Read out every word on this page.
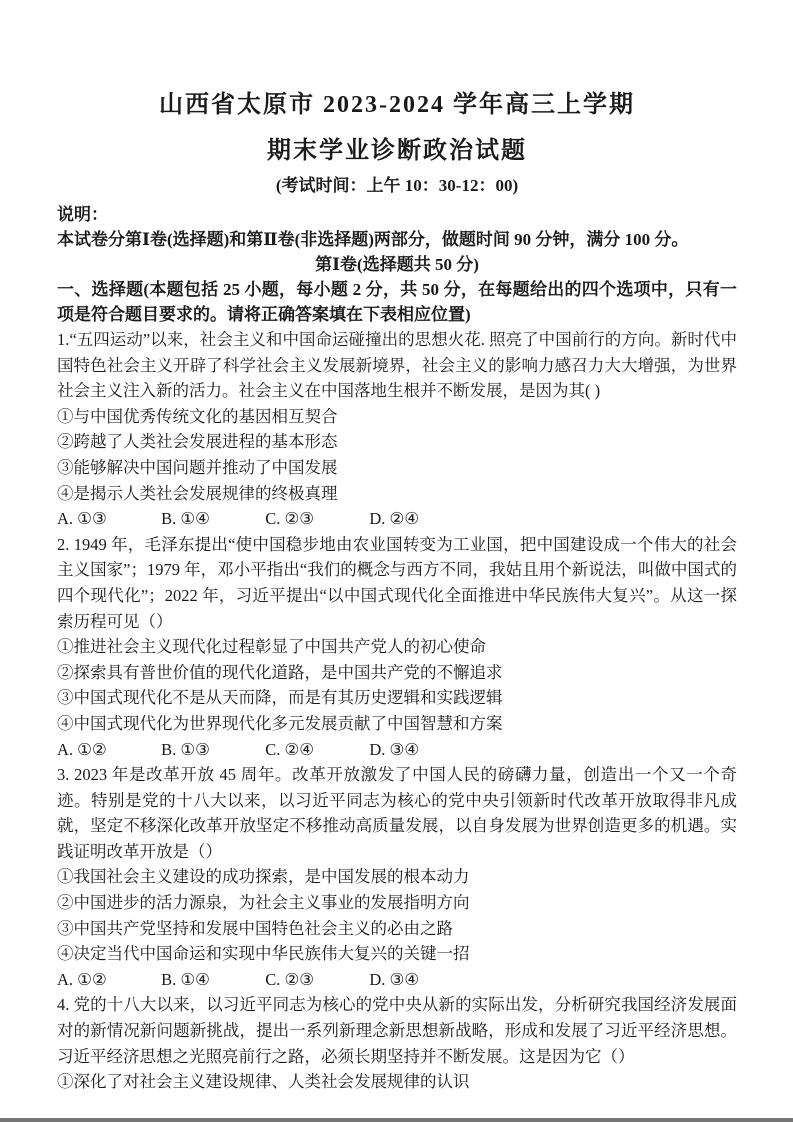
山西省太原市 2023-2024 学年高三上学期
期末学业诊断政治试题

(考试时间：上午 10：30-12：00)

说明：

本试卷分第Ⅰ卷(选择题)和第Ⅱ卷(非选择题)两部分，做题时间 90 分钟，满分 100 分。

第Ⅰ卷(选择题共 50 分)

一、选择题(本题包括 25 小题，每小题 2 分，共 50 分，在每题给出的四个选项中，只有一项是符合题目要求的。请将正确答案填在下表相应位置)

1.“五四运动”以来，社会主义和中国命运碰撞出的思想火花. 照亮了中国前行的方向。新时代中国特色社会主义开辟了科学社会主义发展新境界，社会主义的影响力感召力大大增强，为世界社会主义注入新的活力。社会主义在中国落地生根并不断发展，是因为其( )

①与中国优秀传统文化的基因相互契合

②跨越了人类社会发展进程的基本形态

③能够解决中国问题并推动了中国发展

④是揭示人类社会发展规律的终极真理

A. ①③	B. ①④	C. ②③	D. ②④

2. 1949 年，毛泽东提出“使中国稳步地由农业国转变为工业国，把中国建设成一个伟大的社会主义国家”；1979 年，邓小平指出“我们的概念与西方不同，我姑且用个新说法，叫做中国式的四个现代化”；2022 年，习近平提出“以中国式现代化全面推进中华民族伟大复兴”。从这一探索历程可见（）

①推进社会主义现代化过程彰显了中国共产党人的初心使命

②探索具有普世价值的现代化道路，是中国共产党的不懈追求

③中国式现代化不是从天而降，而是有其历史逻辑和实践逻辑

④中国式现代化为世界现代化多元发展贡献了中国智慧和方案

A. ①②	B. ①③	C. ②④	D. ③④

3. 2023 年是改革开放 45 周年。改革开放激发了中国人民的磅礴力量，创造出一个又一个奇迹。特别是党的十八大以来，以习近平同志为核心的党中央引领新时代改革开放取得非凡成就，坚定不移深化改革开放坚定不移推动高质量发展，以自身发展为世界创造更多的机遇。实践证明改革开放是（）

①我国社会主义建设的成功探索，是中国发展的根本动力

②中国进步的活力源泉，为社会主义事业的发展指明方向

③中国共产党坚持和发展中国特色社会主义的必由之路

④决定当代中国命运和实现中华民族伟大复兴的关键一招

A. ①②	B. ①④	C. ②③	D. ③④

4. 党的十八大以来，以习近平同志为核心的党中央从新的实际出发，分析研究我国经济发展面对的新情况新问题新挑战，提出一系列新理念新思想新战略，形成和发展了习近平经济思想。习近平经济思想之光照亮前行之路，必须长期坚持并不断发展。这是因为它（）

①深化了对社会主义建设规律、人类社会发展规律的认识
